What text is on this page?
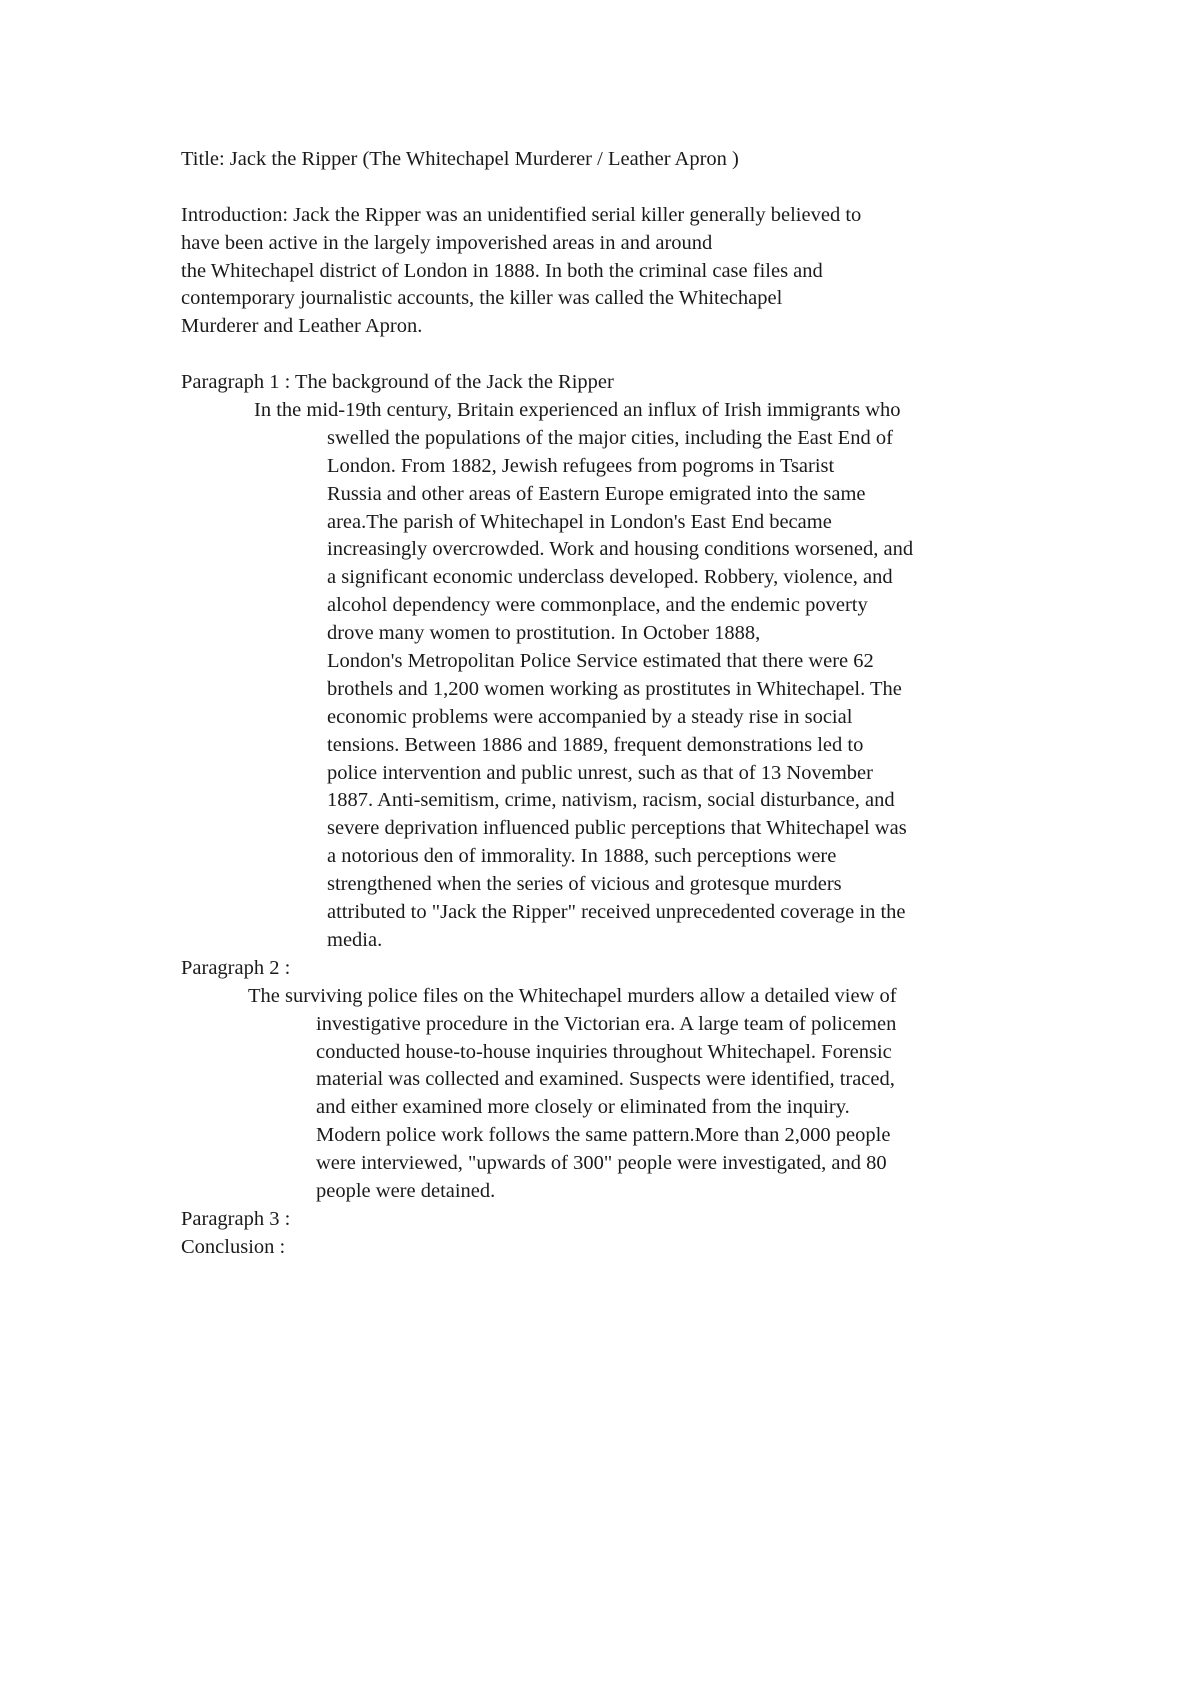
Title: Jack the Ripper (The Whitechapel Murderer / Leather Apron )
Introduction: Jack the Ripper was an unidentified serial killer generally believed to
have been active in the largely impoverished areas in and around
the Whitechapel district of London in 1888. In both the criminal case files and
contemporary journalistic accounts, the killer was called the Whitechapel
Murderer and Leather Apron.
Paragraph 1 : The background of the Jack the Ripper
In the mid-19th century, Britain experienced an influx of Irish immigrants who
swelled the populations of the major cities, including the East End of
London. From 1882, Jewish refugees from pogroms in Tsarist
Russia and other areas of Eastern Europe emigrated into the same
area.The parish of Whitechapel in London's East End became
increasingly overcrowded. Work and housing conditions worsened, and
a significant economic underclass developed. Robbery, violence, and
alcohol dependency were commonplace, and the endemic poverty
drove many women to prostitution. In October 1888,
London's Metropolitan Police Service estimated that there were 62
brothels and 1,200 women working as prostitutes in Whitechapel. The
economic problems were accompanied by a steady rise in social
tensions. Between 1886 and 1889, frequent demonstrations led to
police intervention and public unrest, such as that of 13 November
1887. Anti-semitism, crime, nativism, racism, social disturbance, and
severe deprivation influenced public perceptions that Whitechapel was
a notorious den of immorality. In 1888, such perceptions were
strengthened when the series of vicious and grotesque murders
attributed to "Jack the Ripper" received unprecedented coverage in the
media.
Paragraph 2 :
The surviving police files on the Whitechapel murders allow a detailed view of
investigative procedure in the Victorian era. A large team of policemen
conducted house-to-house inquiries throughout Whitechapel. Forensic
material was collected and examined. Suspects were identified, traced,
and either examined more closely or eliminated from the inquiry.
Modern police work follows the same pattern.More than 2,000 people
were interviewed, "upwards of 300" people were investigated, and 80
people were detained.
Paragraph 3 :
Conclusion :
